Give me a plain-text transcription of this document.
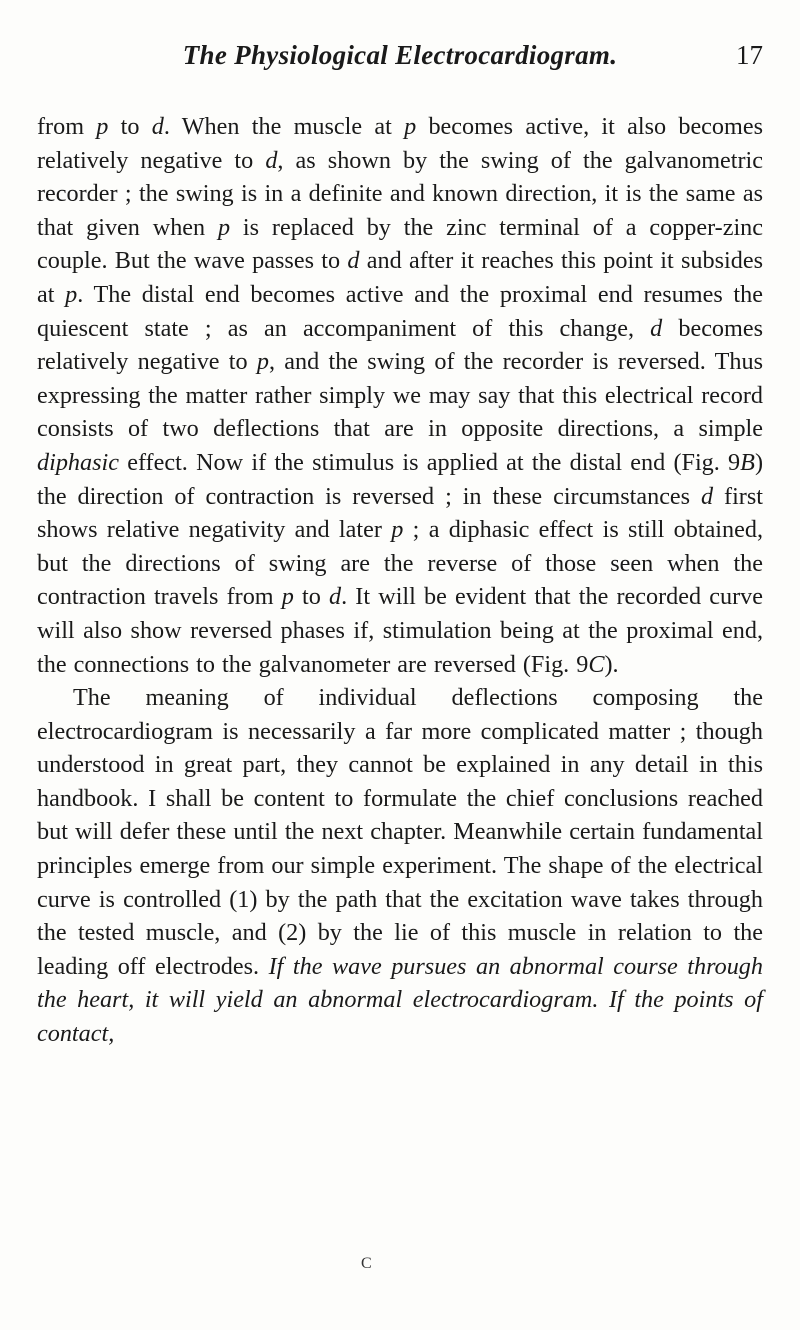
The Physiological Electrocardiogram.	17

from p to d. When the muscle at p becomes active, it also becomes relatively negative to d, as shown by the swing of the galvanometric recorder ; the swing is in a definite and known direction, it is the same as that given when p is replaced by the zinc terminal of a copper-zinc couple. But the wave passes to d and after it reaches this point it subsides at p. The distal end becomes active and the proximal end resumes the quiescent state ; as an accompaniment of this change, d becomes relatively negative to p, and the swing of the recorder is reversed. Thus expressing the matter rather simply we may say that this electrical record consists of two deflections that are in opposite directions, a simple diphasic effect. Now if the stimulus is applied at the distal end (Fig. 9B) the direction of contraction is reversed ; in these circumstances d first shows relative negativity and later p ; a diphasic effect is still obtained, but the directions of swing are the reverse of those seen when the contraction travels from p to d. It will be evident that the recorded curve will also show reversed phases if, stimulation being at the proximal end, the connections to the galvanometer are reversed (Fig. 9C).

The meaning of individual deflections composing the electrocardiogram is necessarily a far more complicated matter ; though understood in great part, they cannot be explained in any detail in this handbook. I shall be content to formulate the chief conclusions reached but will defer these until the next chapter. Meanwhile certain fundamental principles emerge from our simple experiment. The shape of the electrical curve is controlled (1) by the path that the excitation wave takes through the tested muscle, and (2) by the lie of this muscle in relation to the leading off electrodes. If the wave pursues an abnormal course through the heart, it will yield an abnormal electrocardiogram. If the points of contact,

C
